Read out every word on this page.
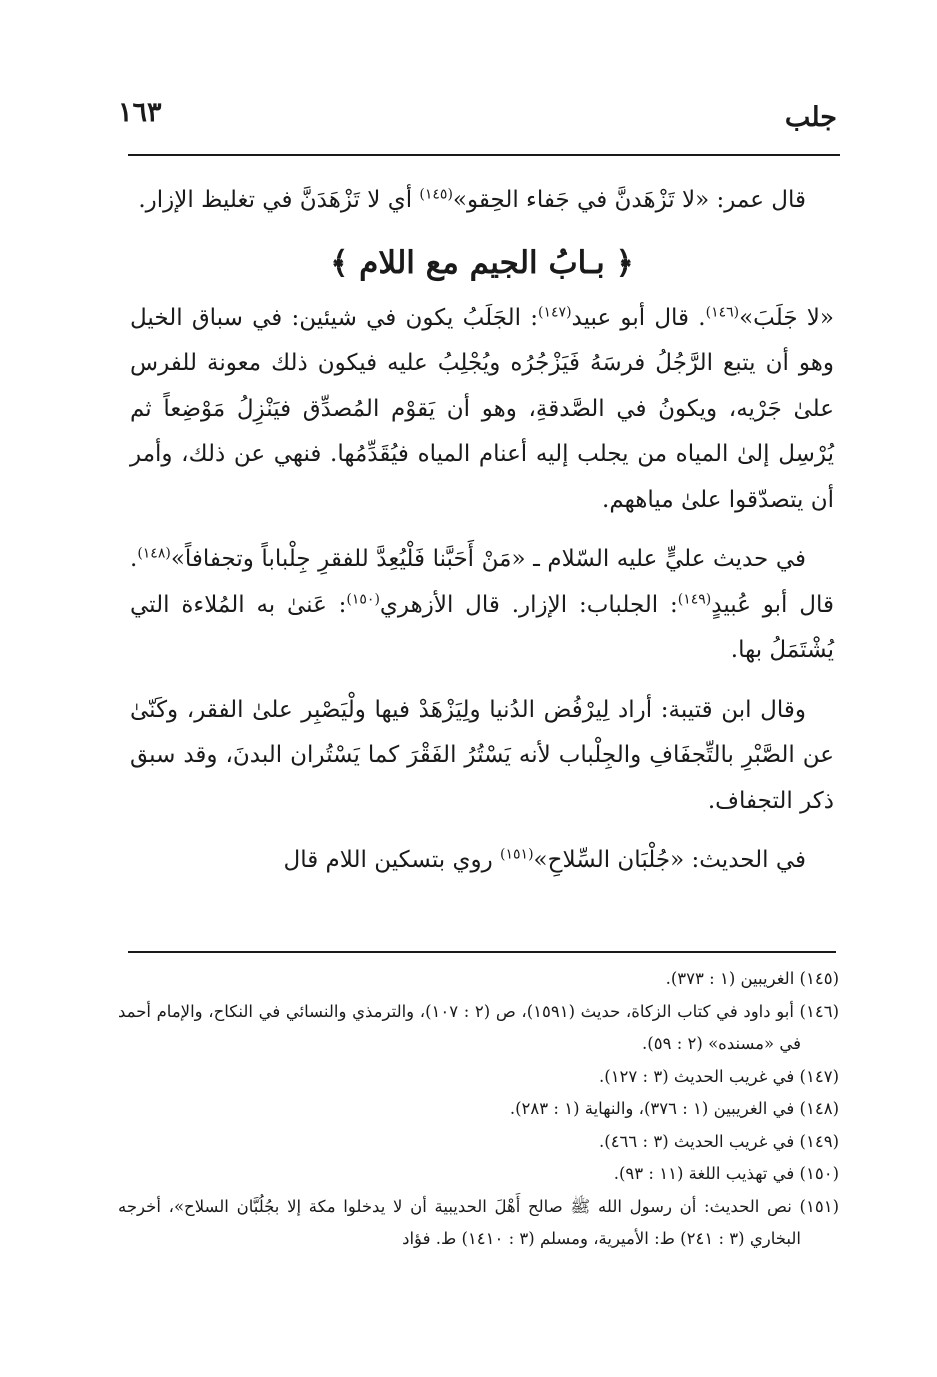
جلب
١٦٣

قال عمر: «لا تَزْهَدنَّ في جَفاء الحِقو»$^{(١٤٥)}$ أي لا تَزْهَدَنَّ في تغليظ الإزار.

﴿ بـابُ الجيم مع اللام ﴾

«لا جَلَبَ»$^{(١٤٦)}$. قال أبو عبيد$^{(١٤٧)}$: الجَلَبُ يكون في شيئين: في سباق الخيل وهو أن يتبع الرَّجُلُ فرسَهُ فَيَزْجُرُه ويُجْلِبُ عليه فيكون ذلك معونة للفرس علىٰ جَرْيه، ويكونُ في الصَّدقةِ، وهو أن يَقوْم المُصدِّق فيَنْزِلُ مَوْضِعاً ثم يُرْسِل إلىٰ المياه من يجلب إليه أعنام المياه فيُقَدِّمُها. فنهي عن ذلك، وأمر أن يتصدّقوا علىٰ مياههم.

في حديث عليٍّ عليه السّلام ـ «مَنْ أَحَبَّنا فَلْيُعِدَّ للفقرِ جِلْباباً وتجفافاً»$^{(١٤٨)}$. قال أبو عُبيدٍ$^{(١٤٩)}$: الجلباب: الإزار. قال الأزهري$^{(١٥٠)}$: عَنىٰ به المُلاءة التي يُشْتَمَلُ بها.

وقال ابن قتيبة: أراد لِيرْفُض الدُنيا ولِيَزْهَدْ فيها ولْيَصْبِر علىٰ الفقر، وكَنّىٰ عن الصَّبْرِ بالتِّجفَافِ والجِلْباب لأنه يَسْتُرُ الفَقْرَ كما يَسْتُران البدنَ، وقد سبق ذكر التجفاف.

في الحديث: «جُلْبَان السِّلاحِ»$^{(١٥١)}$ روي بتسكين اللام قال

(١٤٥) الغريبين (١ : ٣٧٣).

(١٤٦) أبو داود في كتاب الزكاة، حديث (١٥٩١)، ص (٢ : ١٠٧)، والترمذي والنسائي في النكاح، والإمام أحمد في «مسنده» (٢ : ٥٩).

(١٤٧) في غريب الحديث (٣ : ١٢٧).

(١٤٨) في الغريبين (١ : ٣٧٦)، والنهاية (١ : ٢٨٣).

(١٤٩) في غريب الحديث (٣ : ٤٦٦).

(١٥٠) في تهذيب اللغة (١١ : ٩٣).

(١٥١) نص الحديث: أن رسول الله ﷺ صالح أَهْلَ الحديبية أن لا يدخلوا مكة إلا بجُلُبَّان السلاح»، أخرجه البخاري (٣ : ٢٤١) ط: الأميرية، ومسلم (٣ : ١٤١٠) ط. فؤاد
